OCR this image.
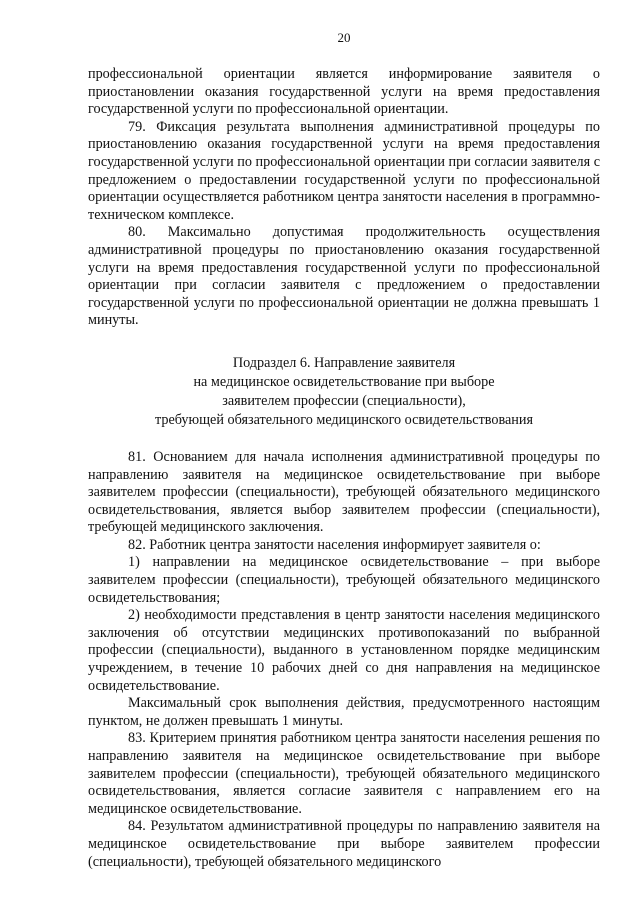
20

профессиональной ориентации является информирование заявителя о приостановлении оказания государственной услуги на время предоставления государственной услуги по профессиональной ориентации.

79. Фиксация результата выполнения административной процедуры по приостановлению оказания государственной услуги на время предоставления государственной услуги по профессиональной ориентации при согласии заявителя с предложением о предоставлении государственной услуги по профессиональной ориентации осуществляется работником центра занятости населения в программно-техническом комплексе.

80. Максимально допустимая продолжительность осуществления административной процедуры по приостановлению оказания государственной услуги на время предоставления государственной услуги по профессиональной ориентации при согласии заявителя с предложением о предоставлении государственной услуги по профессиональной ориентации не должна превышать 1 минуты.

Подраздел 6. Направление заявителя
на медицинское освидетельствование при выборе
заявителем профессии (специальности),
требующей обязательного медицинского освидетельствования

81. Основанием для начала исполнения административной процедуры по направлению заявителя на медицинское освидетельствование при выборе заявителем профессии (специальности), требующей обязательного медицинского освидетельствования, является выбор заявителем профессии (специальности), требующей медицинского заключения.

82. Работник центра занятости населения информирует заявителя о:

1) направлении на медицинское освидетельствование – при выборе заявителем профессии (специальности), требующей обязательного медицинского освидетельствования;

2) необходимости представления в центр занятости населения медицинского заключения об отсутствии медицинских противопоказаний по выбранной профессии (специальности), выданного в установленном порядке медицинским учреждением, в течение 10 рабочих дней со дня направления на медицинское освидетельствование.

Максимальный срок выполнения действия, предусмотренного настоящим пунктом, не должен превышать 1 минуты.

83. Критерием принятия работником центра занятости населения решения по направлению заявителя на медицинское освидетельствование при выборе заявителем профессии (специальности), требующей обязательного медицинского освидетельствования, является согласие заявителя с направлением его на медицинское освидетельствование.

84. Результатом административной процедуры по направлению заявителя на медицинское освидетельствование при выборе заявителем профессии (специальности), требующей обязательного медицинского
